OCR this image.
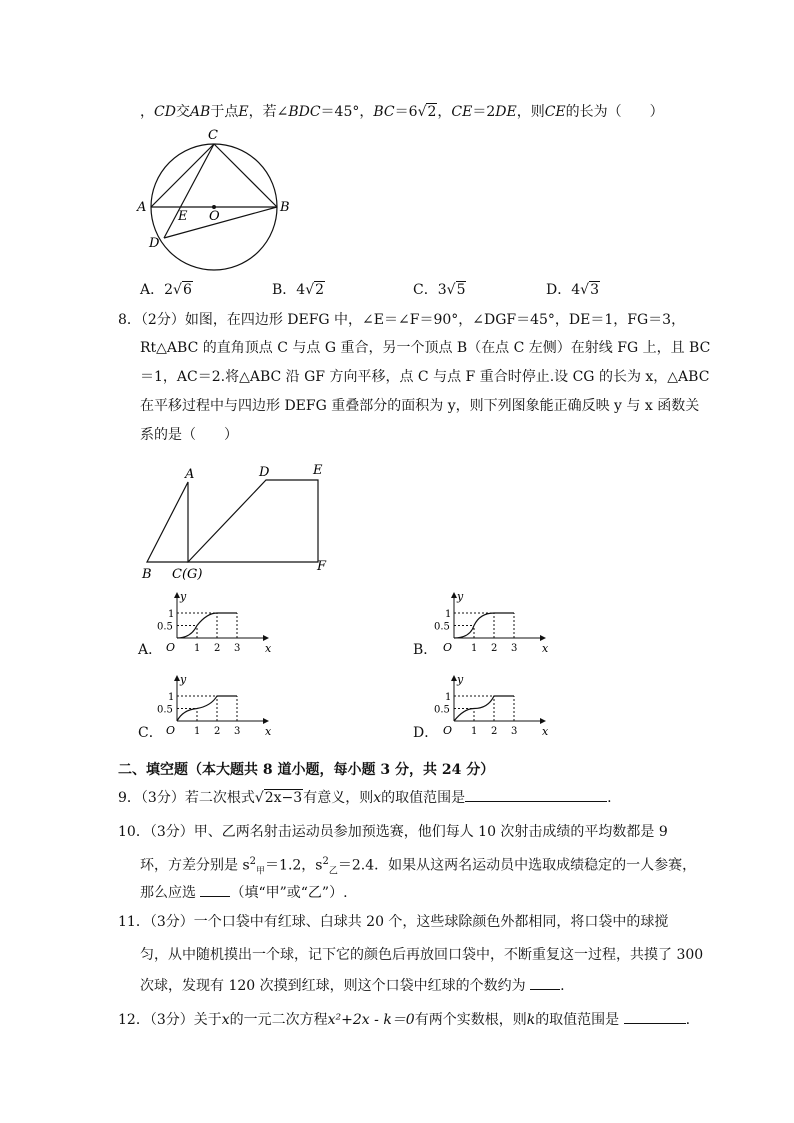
，CD交AB于点E，若∠BDC＝45°，BC＝6√2，CE＝2DE，则CE的长为（　　）
C
A
E O
B
D
A．2√6	B．4√2	C．3√5	D．4√3
8．（2分）如图，在四边形 DEFG 中，∠E＝∠F＝90°，∠DGF＝45°，DE＝1，FG＝3，
Rt△ABC 的直角顶点 C 与点 G 重合，另一个顶点 B（在点 C 左侧）在射线 FG 上，且 BC
＝1，AC＝2.将△ABC 沿 GF 方向平移，点 C 与点 F 重合时停止.设 CG 的长为 x，△ABC
在平移过程中与四边形 DEFG 重叠部分的面积为 y，则下列图象能正确反映 y 与 x 函数关
系的是（　　）
A	D	E
B C(G)
F
A．	B．
C．	D．
y
x
O
1
0.5
1 2 3
y
x
O
1
0.5
1 2 3
y
x
O
1
0.5
1 2 3
y
x
O
1
0.5
1 2 3
二、填空题（本大题共 8 道小题，每小题 3 分，共 24 分）
9．（3分）若二次根式√2x−3有意义，则x的取值范围是	.
10．（3分）甲、乙两名射击运动员参加预选赛，他们每人 10 次射击成绩的平均数都是 9
环，方差分别是 $s^2_甲=1.2$，$s^2_乙=2.4$．如果从这两名运动员中选取成绩稳定的一人参赛，
那么应选 （填“甲”或“乙”）.
11．（3分）一个口袋中有红球、白球共 20 个，这些球除颜色外都相同，将口袋中的球搅
匀，从中随机摸出一个球，记下它的颜色后再放回口袋中，不断重复这一过程，共摸了 300
次球，发现有 120 次摸到红球，则这个口袋中红球的个数约为 .
12．（3分）关于x的一元二次方程x²+2x - k＝0有两个实数根，则k的取值范围是	.
